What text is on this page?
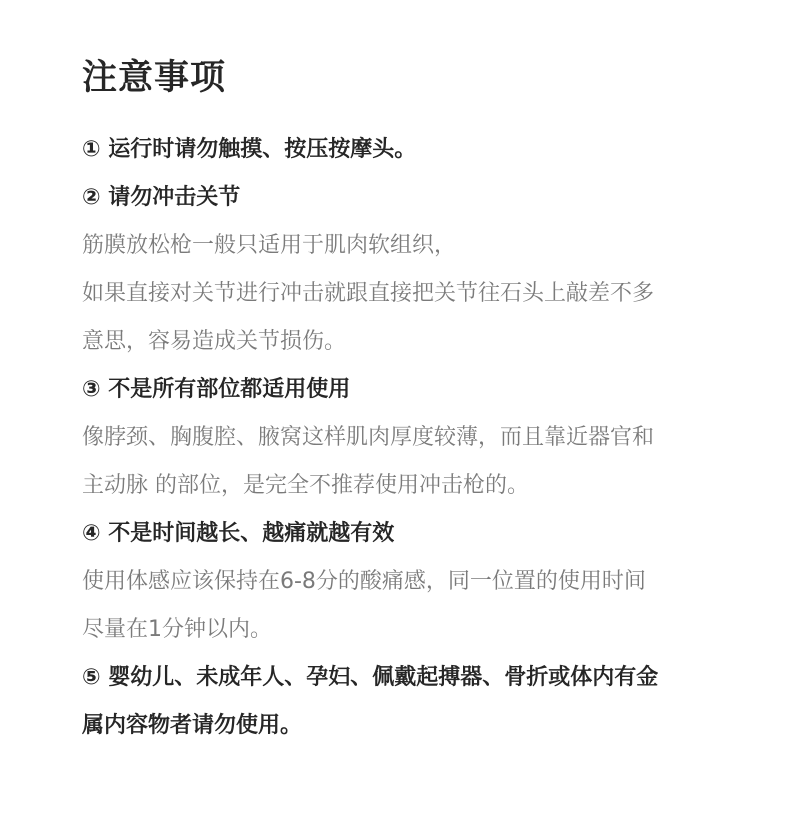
注意事项

① 运行时请勿触摸、按压按摩头。

② 请勿冲击关节

筋膜放松枪一般只适用于肌肉软组织，

如果直接对关节进行冲击就跟直接把关节往石头上敲差不多

意思，容易造成关节损伤。

③ 不是所有部位都适用使用

像脖颈、胸腹腔、腋窝这样肌肉厚度较薄，而且靠近器官和

主动脉 的部位，是完全不推荐使用冲击枪的。

④ 不是时间越长、越痛就越有效

使用体感应该保持在6-8分的酸痛感，同一位置的使用时间

尽量在1分钟以内。

⑤ 婴幼儿、未成年人、孕妇、佩戴起搏器、骨折或体内有金

属内容物者请勿使用。
